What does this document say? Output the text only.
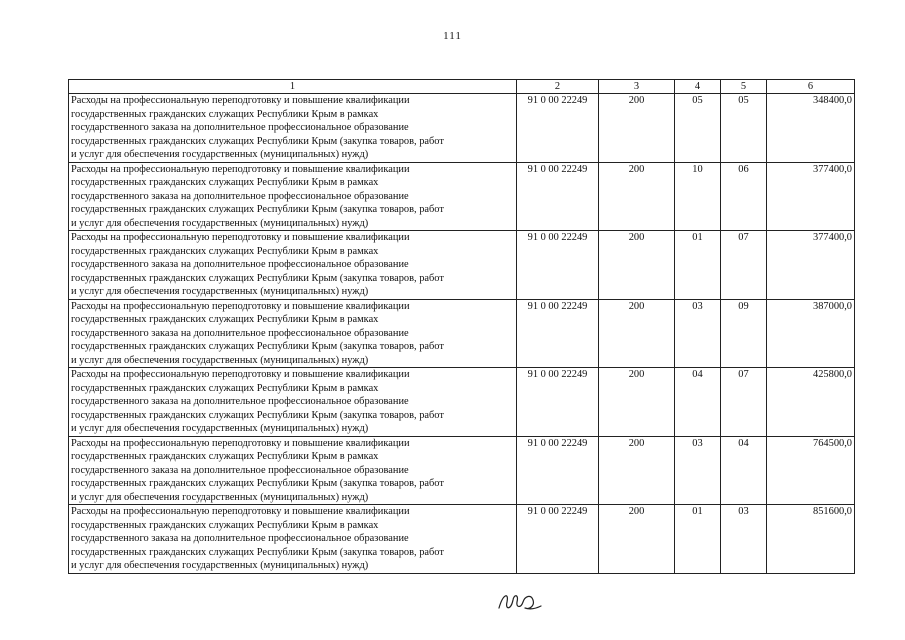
111
1	2	3	4	5	6

Расходы на профессиональную переподготовку и повышение квалификации
государственных гражданских служащих Республики Крым в рамках
государственного заказа на дополнительное профессиональное образование
государственных гражданских служащих Республики Крым (закупка товаров, работ
и услуг для обеспечения государственных (муниципальных) нужд)	91 0 00 22249	200	05	05	348400,0

Расходы на профессиональную переподготовку и повышение квалификации
государственных гражданских служащих Республики Крым в рамках
государственного заказа на дополнительное профессиональное образование
государственных гражданских служащих Республики Крым (закупка товаров, работ
и услуг для обеспечения государственных (муниципальных) нужд)	91 0 00 22249	200	10	06	377400,0

Расходы на профессиональную переподготовку и повышение квалификации
государственных гражданских служащих Республики Крым в рамках
государственного заказа на дополнительное профессиональное образование
государственных гражданских служащих Республики Крым (закупка товаров, работ
и услуг для обеспечения государственных (муниципальных) нужд)	91 0 00 22249	200	01	07	377400,0

Расходы на профессиональную переподготовку и повышение квалификации
государственных гражданских служащих Республики Крым в рамках
государственного заказа на дополнительное профессиональное образование
государственных гражданских служащих Республики Крым (закупка товаров, работ
и услуг для обеспечения государственных (муниципальных) нужд)	91 0 00 22249	200	03	09	387000,0

Расходы на профессиональную переподготовку и повышение квалификации
государственных гражданских служащих Республики Крым в рамках
государственного заказа на дополнительное профессиональное образование
государственных гражданских служащих Республики Крым (закупка товаров, работ
и услуг для обеспечения государственных (муниципальных) нужд)	91 0 00 22249	200	04	07	425800,0

Расходы на профессиональную переподготовку и повышение квалификации
государственных гражданских служащих Республики Крым в рамках
государственного заказа на дополнительное профессиональное образование
государственных гражданских служащих Республики Крым (закупка товаров, работ
и услуг для обеспечения государственных (муниципальных) нужд)	91 0 00 22249	200	03	04	764500,0

Расходы на профессиональную переподготовку и повышение квалификации
государственных гражданских служащих Республики Крым в рамках
государственного заказа на дополнительное профессиональное образование
государственных гражданских служащих Республики Крым (закупка товаров, работ
и услуг для обеспечения государственных (муниципальных) нужд)	91 0 00 22249	200	01	03	851600,0
